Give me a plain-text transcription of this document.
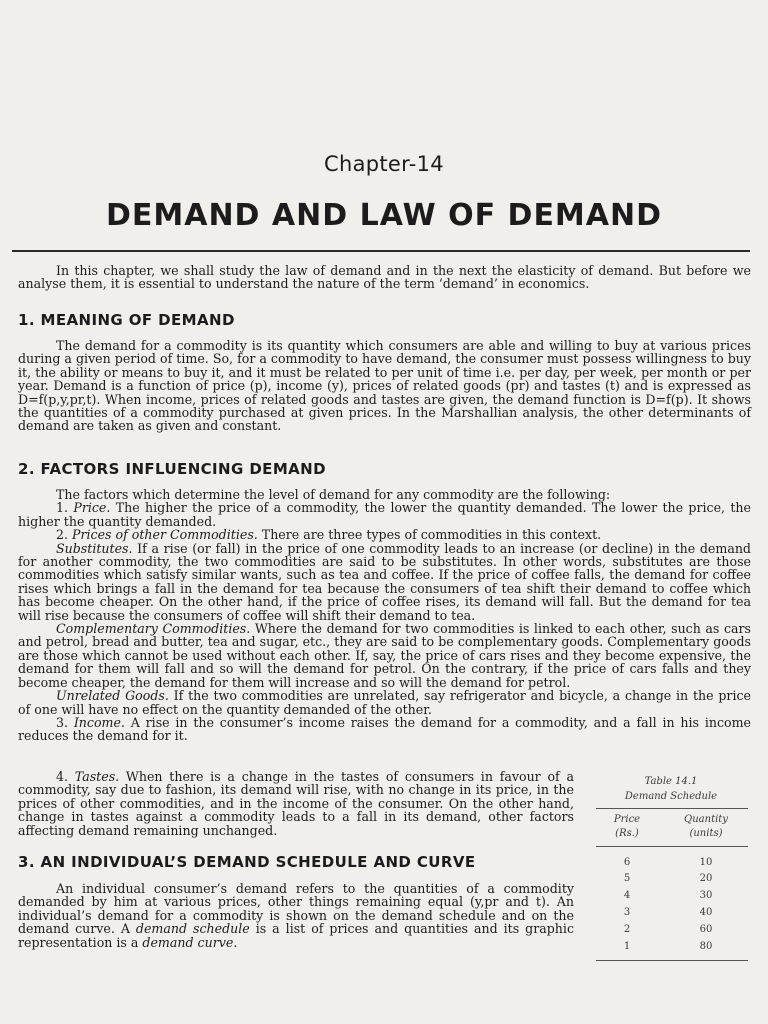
Chapter-14
DEMAND AND LAW OF DEMAND

In this chapter, we shall study the law of demand and in the next the elasticity of demand. But before we analyse them, it is essential to understand the nature of the term ‘demand’ in economics.

1. MEANING OF DEMAND

The demand for a commodity is its quantity which consumers are able and willing to buy at various prices during a given period of time. So, for a commodity to have demand, the consumer must possess willingness to buy it, the ability or means to buy it, and it must be related to per unit of time i.e. per day, per week, per month or per year. Demand is a function of price (p), income (y), prices of related goods (pr) and tastes (t) and is expressed as D=f(p,y,pr,t). When income, prices of related goods and tastes are given, the demand function is D=f(p). It shows the quantities of a commodity purchased at given prices. In the Marshallian analysis, the other determinants of demand are taken as given and constant.

2. FACTORS INFLUENCING DEMAND

The factors which determine the level of demand for any commodity are the following:

1. Price. The higher the price of a commodity, the lower the quantity demanded. The lower the price, the higher the quantity demanded.

2. Prices of other Commodities. There are three types of commodities in this context.

Substitutes. If a rise (or fall) in the price of one commodity leads to an increase (or decline) in the demand for another commodity, the two commodities are said to be substitutes. In other words, substitutes are those commodities which satisfy similar wants, such as tea and coffee. If the price of coffee falls, the demand for coffee rises which brings a fall in the demand for tea because the consumers of tea shift their demand to coffee which has become cheaper. On the other hand, if the price of coffee rises, its demand will fall. But the demand for tea will rise because the consumers of coffee will shift their demand to tea.

Complementary Commodities. Where the demand for two commodities is linked to each other, such as cars and petrol, bread and butter, tea and sugar, etc., they are said to be complementary goods. Complementary goods are those which cannot be used without each other. If, say, the price of cars rises and they become expensive, the demand for them will fall and so will the demand for petrol. On the contrary, if the price of cars falls and they become cheaper, the demand for them will increase and so will the demand for petrol.

Unrelated Goods. If the two commodities are unrelated, say refrigerator and bicycle, a change in the price of one will have no effect on the quantity demanded of the other.

3. Income. A rise in the consumer’s income raises the demand for a commodity, and a fall in his income reduces the demand for it.

4. Tastes. When there is a change in the tastes of consumers in favour of a commodity, say due to fashion, its demand will rise, with no change in its price, in the prices of other commodities, and in the income of the consumer. On the other hand, change in tastes against a commodity leads to a fall in its demand, other factors affecting demand remaining unchanged.

3. AN INDIVIDUAL’S DEMAND SCHEDULE AND CURVE

An individual consumer’s demand refers to the quantities of a commodity demanded by him at various prices, other things remaining equal (y,pr and t). An individual’s demand for a commodity is shown on the demand schedule and on the demand curve. A demand schedule is a list of prices and quantities and its graphic representation is a demand curve.

Table 14.1
Demand Schedule
Price	Quantity
(Rs.)	(units)
6	10
5	20
4	30
3	40
2	60
1	80
